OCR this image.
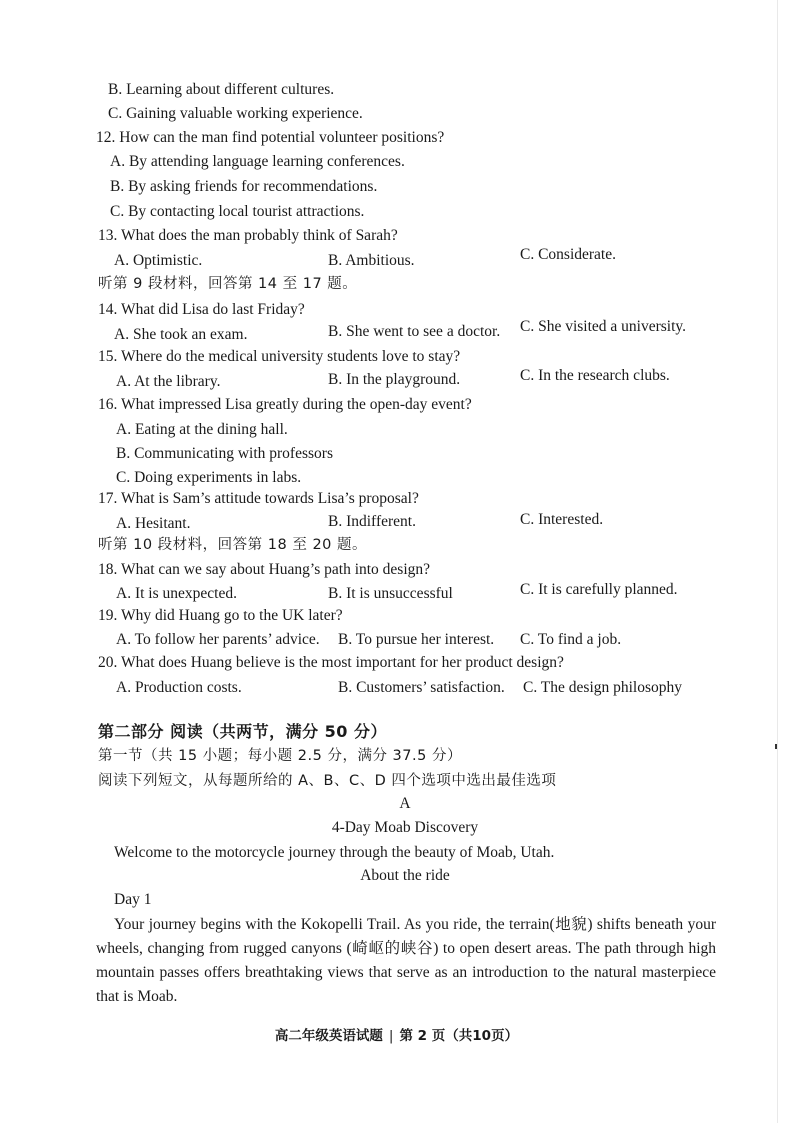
B. Learning about different cultures.
C. Gaining valuable working experience.
12. How can the man find potential volunteer positions?
A. By attending language learning conferences.
B. By asking friends for recommendations.
C. By contacting local tourist attractions.
13. What does the man probably think of Sarah?
A. Optimistic.	B. Ambitious.	C. Considerate.
听第 9 段材料，回答第 14 至 17 题。
14. What did Lisa do last Friday?
A. She took an exam.	B. She went to see a doctor. C. She visited a university.
15. Where do the medical university students love to stay?
A. At the library.	B. In the playground.	C. In the research clubs.
16. What impressed Lisa greatly during the open-day event?
A. Eating at the dining hall.
B. Communicating with professors
C. Doing experiments in labs.
17. What is Sam’s attitude towards Lisa’s proposal?
A. Hesitant.	B. Indifferent.	C. Interested.
听第 10 段材料，回答第 18 至 20 题。
18. What can we say about Huang’s path into design?
A. It is unexpected.	B. It is unsuccessful	C. It is carefully planned.
19. Why did Huang go to the UK later?
A. To follow her parents’ advice. B. To pursue her interest. C. To find a job.
20. What does Huang believe is the most important for her product design?
A. Production costs.	B. Customers’ satisfaction. C. The design philosophy
第二部分 阅读（共两节，满分 50 分）
第一节（共 15 小题；每小题 2.5 分，满分 37.5 分）
阅读下列短文，从每题所给的 A、B、C、D 四个选项中选出最佳选项
A
4-Day Moab Discovery
Welcome to the motorcycle journey through the beauty of Moab, Utah.
About the ride
Day 1
Your journey begins with the Kokopelli Trail. As you ride, the terrain(地貌) shifts beneath your wheels, changing from rugged canyons (崎岖的峡谷) to open desert areas. The path through high mountain passes offers breathtaking views that serve as an introduction to the natural masterpiece that is Moab.
高二年级英语试题 | 第 2 页（共10页）
